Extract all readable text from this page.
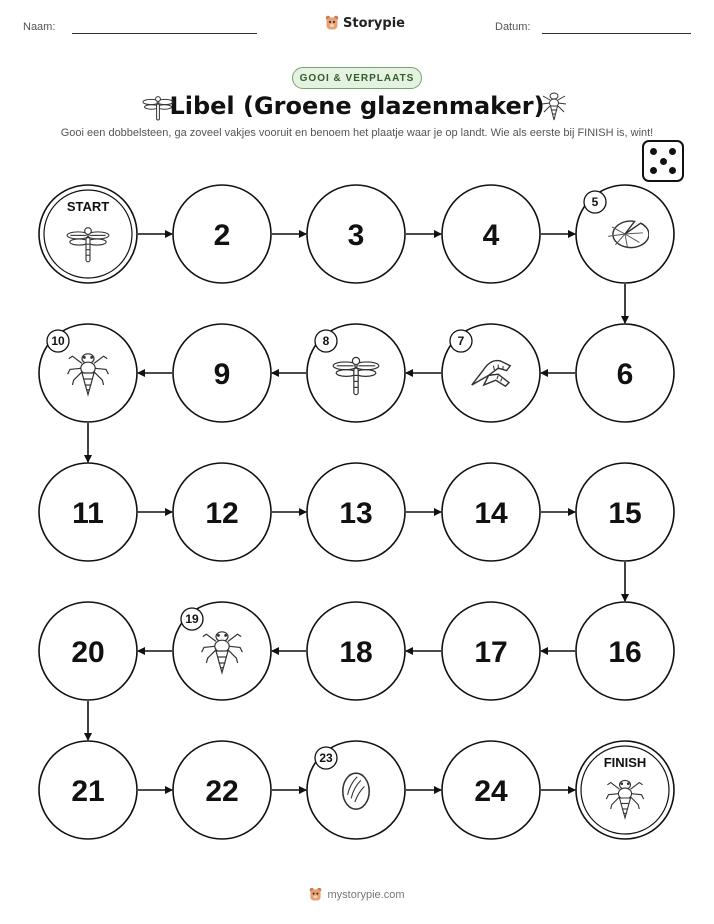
Naam:	Storypie	Datum:
GOOI & VERPLAATS
Libel (Groene glazenmaker)
Gooi een dobbelsteen, ga zoveel vakjes vooruit en benoem het plaatje waar je op landt. Wie als eerste bij FINISH is, wint!
START
2	3	4
5
6
7
8
9
10
11	12	13	14	15
16
17
18
19
20
21	22
23
24
FINISH
mystorypie.com
